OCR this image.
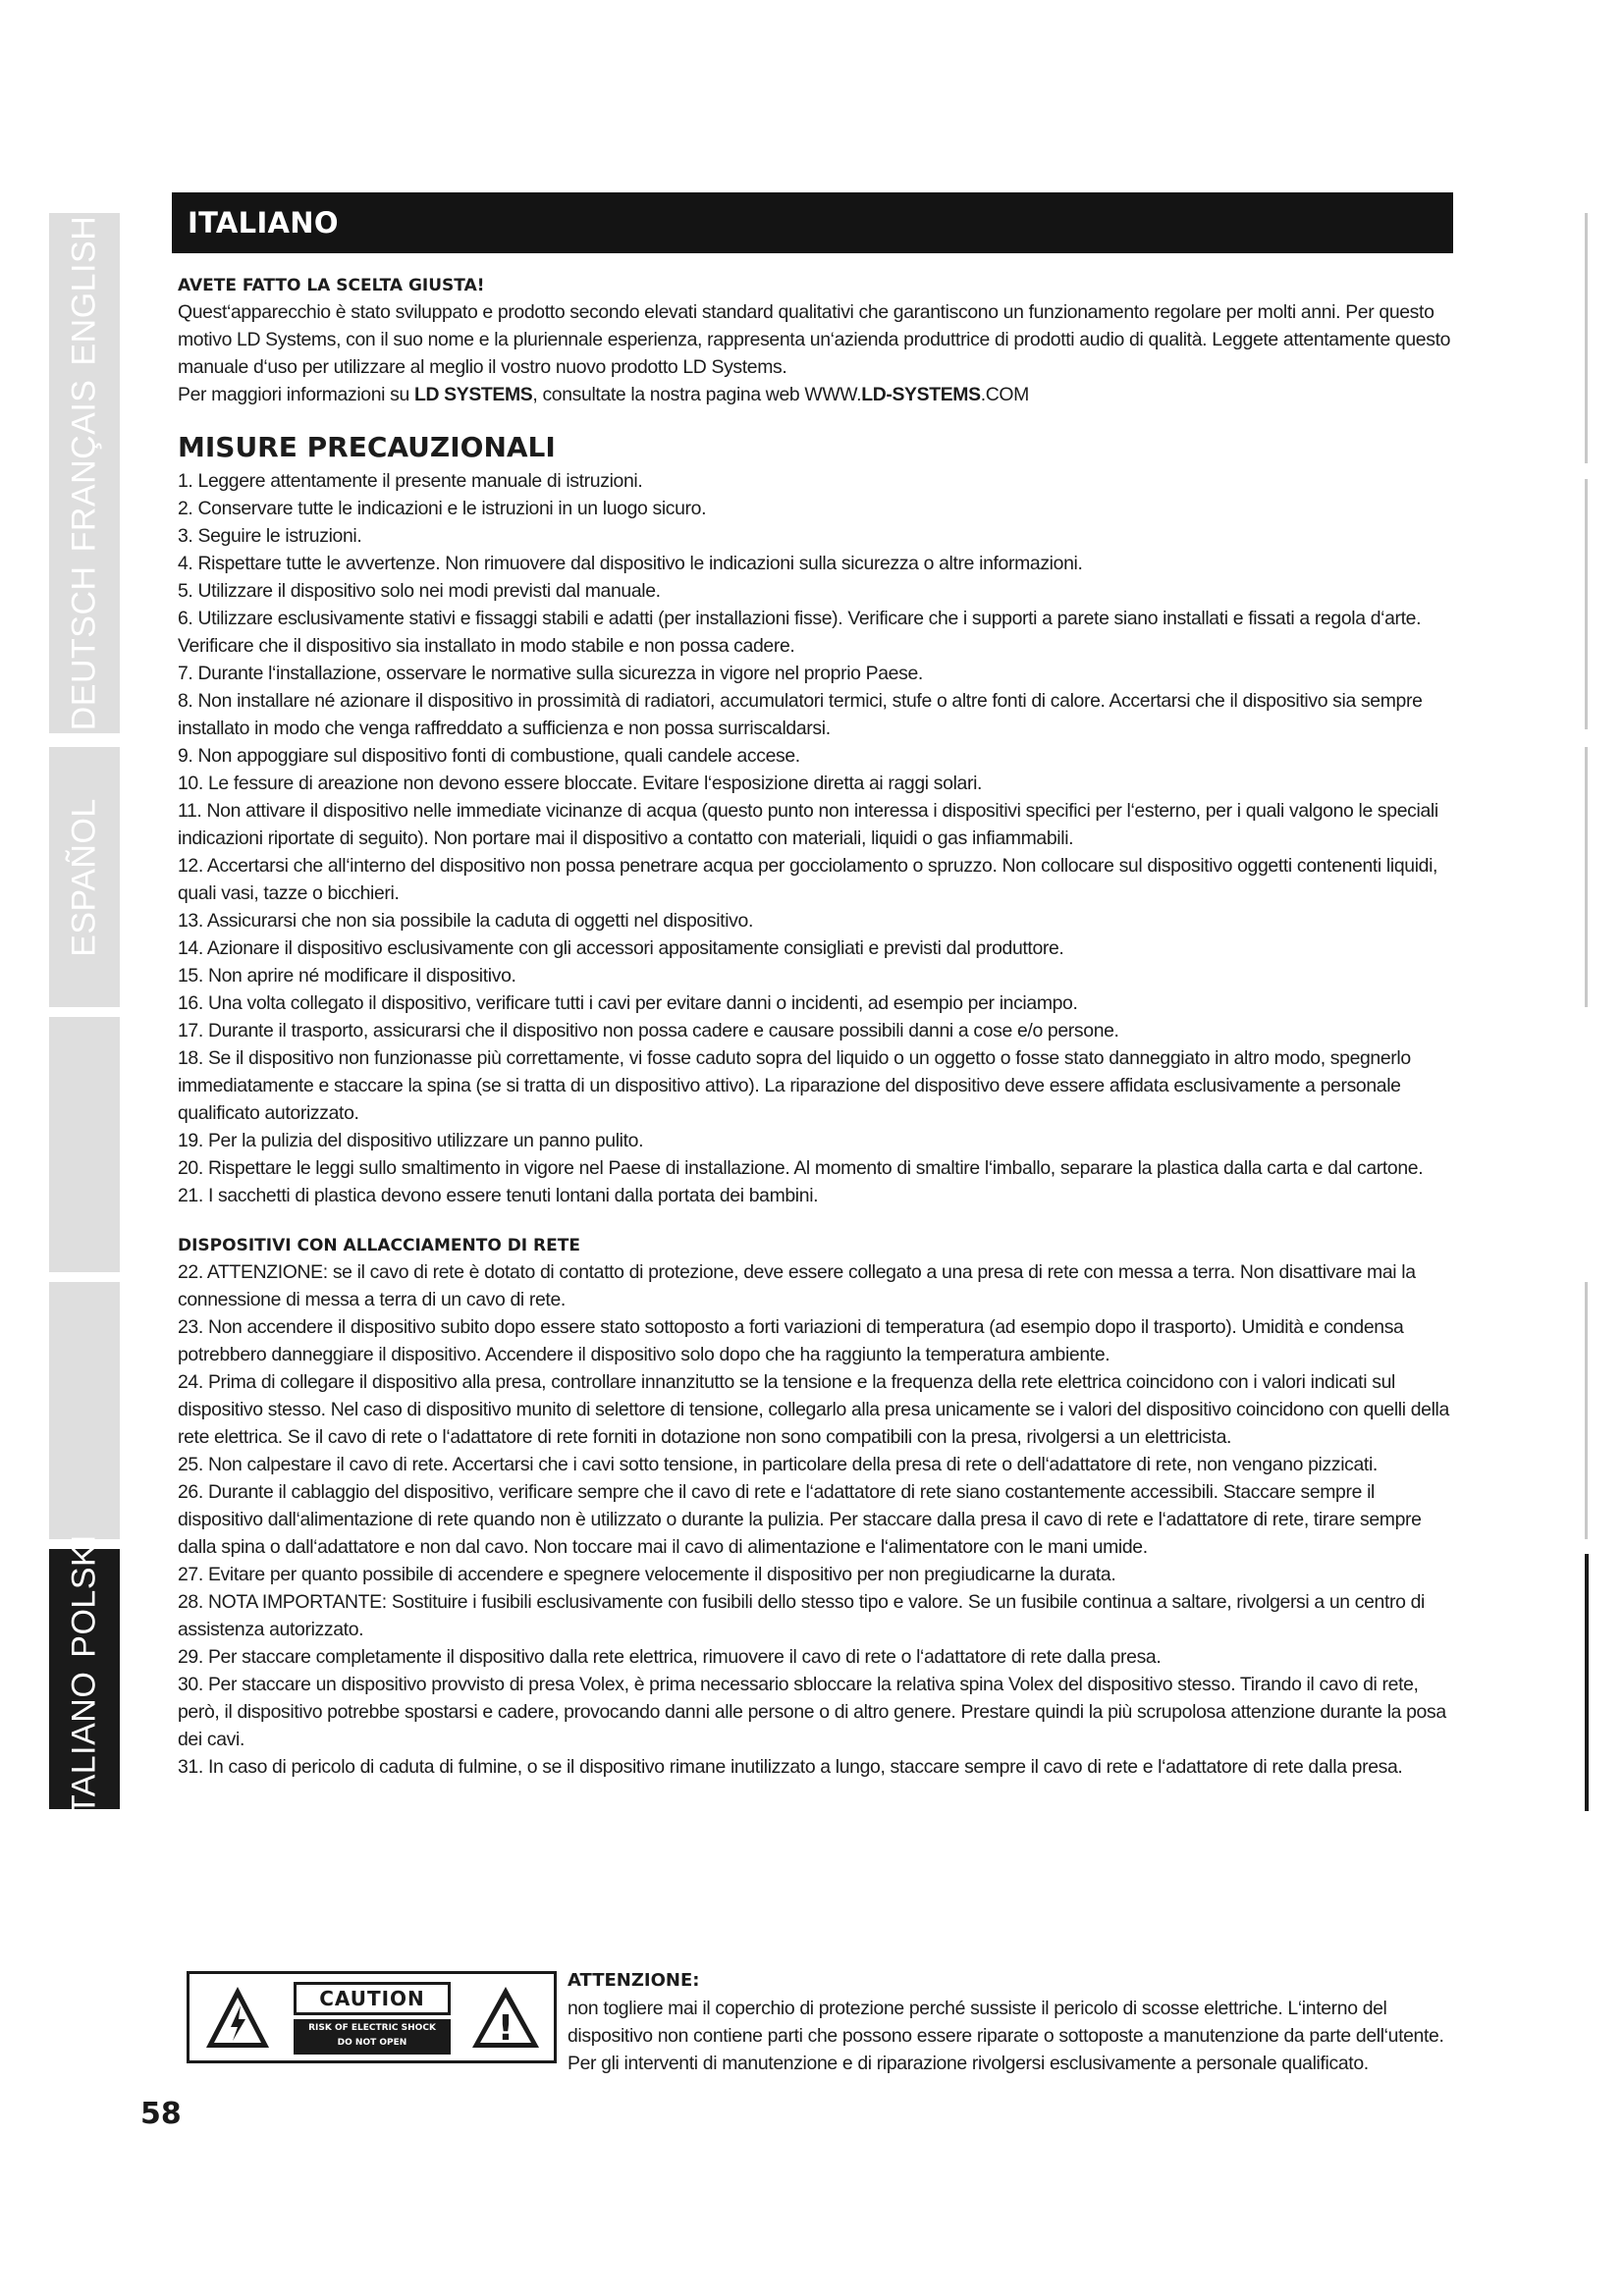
DEUTSCHFRANÇAISENGLISH
ESPAÑOL
ITALIANOPOLSKI
ITALIANO
AVETE FATTO LA SCELTA GIUSTA!

Quest‘apparecchio è stato sviluppato e prodotto secondo elevati standard qualitativi che garantiscono un funzionamento regolare per molti anni. Per questo motivo LD Systems, con il suo nome e la pluriennale esperienza, rappresenta un‘azienda produttrice di prodotti audio di qualità. Leggete attentamente questo manuale d‘uso per utilizzare al meglio il vostro nuovo prodotto LD Systems.

Per maggiori informazioni su LD SYSTEMS, consultate la nostra pagina web WWW.LD-SYSTEMS.COM

MISURE PRECAUZIONALI
1. Leggere attentamente il presente manuale di istruzioni.
2. Conservare tutte le indicazioni e le istruzioni in un luogo sicuro.
3. Seguire le istruzioni.
4. Rispettare tutte le avvertenze. Non rimuovere dal dispositivo le indicazioni sulla sicurezza o altre informazioni.
5. Utilizzare il dispositivo solo nei modi previsti dal manuale.
6. Utilizzare esclusivamente stativi e fissaggi stabili e adatti (per installazioni fisse). Verificare che i supporti a parete siano installati e fissati a regola d‘arte. Verificare che il dispositivo sia installato in modo stabile e non possa cadere.
7. Durante l‘installazione, osservare le normative sulla sicurezza in vigore nel proprio Paese.
8. Non installare né azionare il dispositivo in prossimità di radiatori, accumulatori termici, stufe o altre fonti di calore. Accertarsi che il dispositivo sia sempre installato in modo che venga raffreddato a sufficienza e non possa surriscaldarsi.
9. Non appoggiare sul dispositivo fonti di combustione, quali candele accese.
10. Le fessure di areazione non devono essere bloccate. Evitare l‘esposizione diretta ai raggi solari.
11. Non attivare il dispositivo nelle immediate vicinanze di acqua (questo punto non interessa i dispositivi specifici per l‘esterno, per i quali valgono le speciali indicazioni riportate di seguito). Non portare mai il dispositivo a contatto con materiali, liquidi o gas infiammabili.
12. Accertarsi che all‘interno del dispositivo non possa penetrare acqua per gocciolamento o spruzzo. Non collocare sul dispositivo oggetti contenenti liquidi, quali vasi, tazze o bicchieri.
13. Assicurarsi che non sia possibile la caduta di oggetti nel dispositivo.
14. Azionare il dispositivo esclusivamente con gli accessori appositamente consigliati e previsti dal produttore.
15. Non aprire né modificare il dispositivo.
16. Una volta collegato il dispositivo, verificare tutti i cavi per evitare danni o incidenti, ad esempio per inciampo.
17. Durante il trasporto, assicurarsi che il dispositivo non possa cadere e causare possibili danni a cose e/o persone.
18. Se il dispositivo non funzionasse più correttamente, vi fosse caduto sopra del liquido o un oggetto o fosse stato danneggiato in altro modo, spegnerlo immediatamente e staccare la spina (se si tratta di un dispositivo attivo). La riparazione del dispositivo deve essere affidata esclusivamente a personale qualificato autorizzato.
19. Per la pulizia del dispositivo utilizzare un panno pulito.
20. Rispettare le leggi sullo smaltimento in vigore nel Paese di installazione. Al momento di smaltire l‘imballo, separare la plastica dalla carta e dal cartone.
21. I sacchetti di plastica devono essere tenuti lontani dalla portata dei bambini.
DISPOSITIVI CON ALLACCIAMENTO DI RETE
22. ATTENZIONE: se il cavo di rete è dotato di contatto di protezione, deve essere collegato a una presa di rete con messa a terra. Non disattivare mai la connessione di messa a terra di un cavo di rete.
23. Non accendere il dispositivo subito dopo essere stato sottoposto a forti variazioni di temperatura (ad esempio dopo il trasporto). Umidità e condensa potrebbero danneggiare il dispositivo. Accendere il dispositivo solo dopo che ha raggiunto la temperatura ambiente.
24. Prima di collegare il dispositivo alla presa, controllare innanzitutto se la tensione e la frequenza della rete elettrica coincidono con i valori indicati sul dispositivo stesso. Nel caso di dispositivo munito di selettore di tensione, collegarlo alla presa unicamente se i valori del dispositivo coincidono con quelli della rete elettrica. Se il cavo di rete o l‘adattatore di rete forniti in dotazione non sono compatibili con la presa, rivolgersi a un elettricista.
25. Non calpestare il cavo di rete. Accertarsi che i cavi sotto tensione, in particolare della presa di rete o dell‘adattatore di rete, non vengano pizzicati.
26. Durante il cablaggio del dispositivo, verificare sempre che il cavo di rete e l‘adattatore di rete siano costantemente accessibili. Staccare sempre il dispositivo dall‘alimentazione di rete quando non è utilizzato o durante la pulizia. Per staccare dalla presa il cavo di rete e l‘adattatore di rete, tirare sempre dalla spina o dall‘adattatore e non dal cavo. Non toccare mai il cavo di alimentazione e l‘alimentatore con le mani umide.
27. Evitare per quanto possibile di accendere e spegnere velocemente il dispositivo per non pregiudicarne la durata.
28. NOTA IMPORTANTE: Sostituire i fusibili esclusivamente con fusibili dello stesso tipo e valore. Se un fusibile continua a saltare, rivolgersi a un centro di assistenza autorizzato.
29. Per staccare completamente il dispositivo dalla rete elettrica, rimuovere il cavo di rete o l‘adattatore di rete dalla presa.
30. Per staccare un dispositivo provvisto di presa Volex, è prima necessario sbloccare la relativa spina Volex del dispositivo stesso. Tirando il cavo di rete, però, il dispositivo potrebbe spostarsi e cadere, provocando danni alle persone o di altro genere. Prestare quindi la più scrupolosa attenzione durante la posa dei cavi.
31. In caso di pericolo di caduta di fulmine, o se il dispositivo rimane inutilizzato a lungo, staccare sempre il cavo di rete e l‘adattatore di rete dalla presa.
CAUTION
RISK OF ELECTRIC SHOCK
DO NOT OPEN	!
ATTENZIONE:

non togliere mai il coperchio di protezione perché sussiste il pericolo di scosse elettriche. L‘interno del dispositivo non contiene parti che possono essere riparate o sottoposte a manutenzione da parte dell‘utente. Per gli interventi di manutenzione e di riparazione rivolgersi esclusivamente a personale qualificato.

58
